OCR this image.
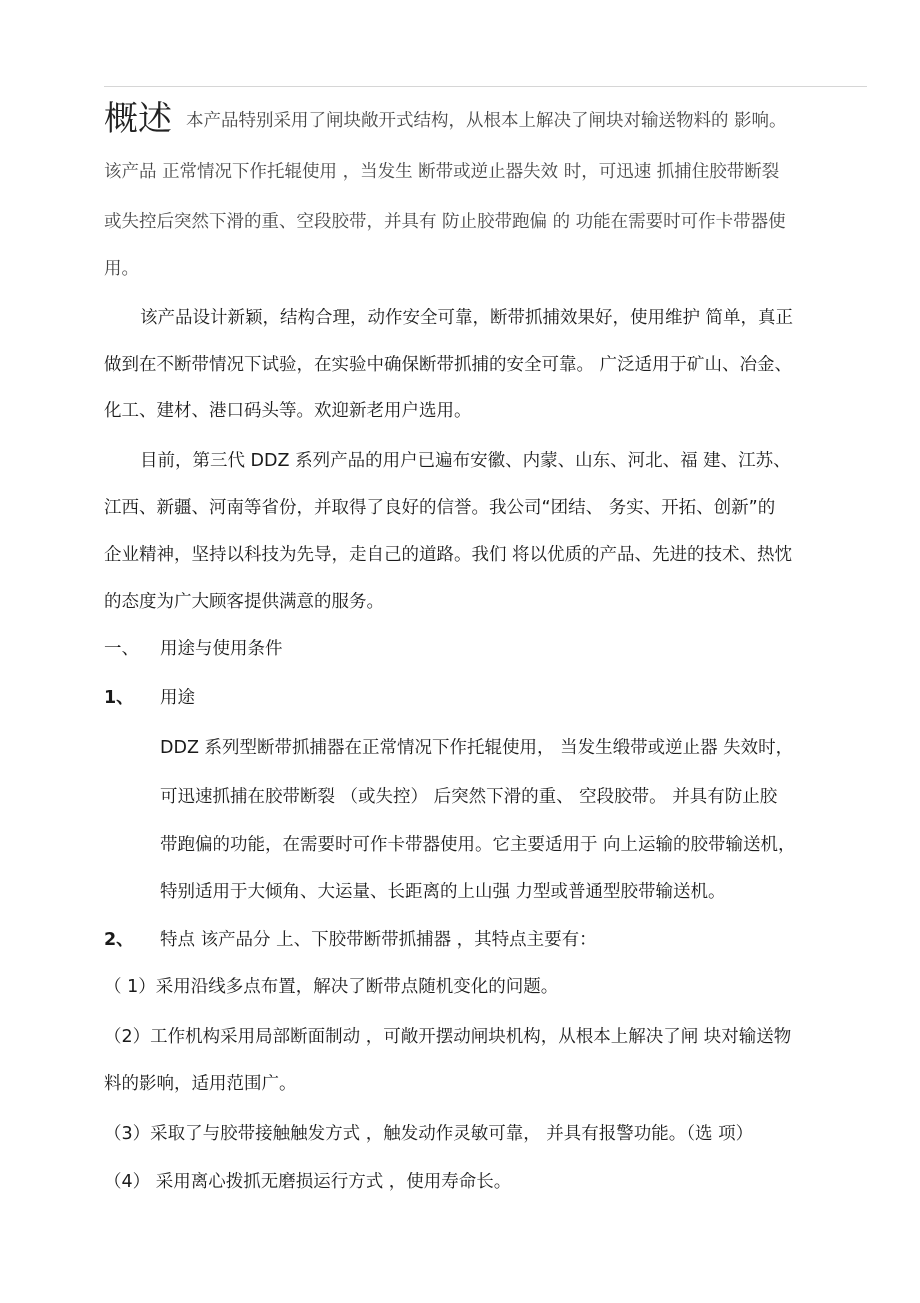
概述 本产品特别采用了闸块敞开式结构，从根本上解决了闸块对输送物料的 影响。
该产品 正常情况下作托辊使用 ，当发生 断带或逆止器失效 时，可迅速 抓捕住胶带断裂
或失控后突然下滑的重、空段胶带，并具有 防止胶带跑偏 的 功能在需要时可作卡带器使
用。
该产品设计新颖，结构合理，动作安全可靠，断带抓捕效果好，使用维护 简单，真正
做到在不断带情况下试验，在实验中确保断带抓捕的安全可靠。 广泛适用于矿山、冶金、
化工、建材、港口码头等。欢迎新老用户选用。
目前，第三代 DDZ 系列产品的用户已遍布安徽、内蒙、山东、河北、福 建、江苏、
江西、新疆、河南等省份，并取得了良好的信誉。我公司“团结、 务实、开拓、创新”的
企业精神，坚持以科技为先导，走自己的道路。我们 将以优质的产品、先进的技术、热忱
的态度为广大顾客提供满意的服务。
一、 用途与使用条件
1、 用途
DDZ 系列型断带抓捕器在正常情况下作托辊使用， 当发生缎带或逆止器 失效时，
可迅速抓捕在胶带断裂 （或失控） 后突然下滑的重、 空段胶带。 并具有防止胶
带跑偏的功能，在需要时可作卡带器使用。它主要适用于 向上运输的胶带输送机，
特别适用于大倾角、大运量、长距离的上山强 力型或普通型胶带输送机。
2、 特点 该产品分 上、下胶带断带抓捕器 ，其特点主要有：
（ 1）采用沿线多点布置，解决了断带点随机变化的问题。
（2）工作机构采用局部断面制动 ，可敞开摆动闸块机构，从根本上解决了闸 块对输送物
料的影响，适用范围广。
（3）采取了与胶带接触触发方式 ，触发动作灵敏可靠， 并具有报警功能。（选 项）
（4） 采用离心拨抓无磨损运行方式 ，使用寿命长。
